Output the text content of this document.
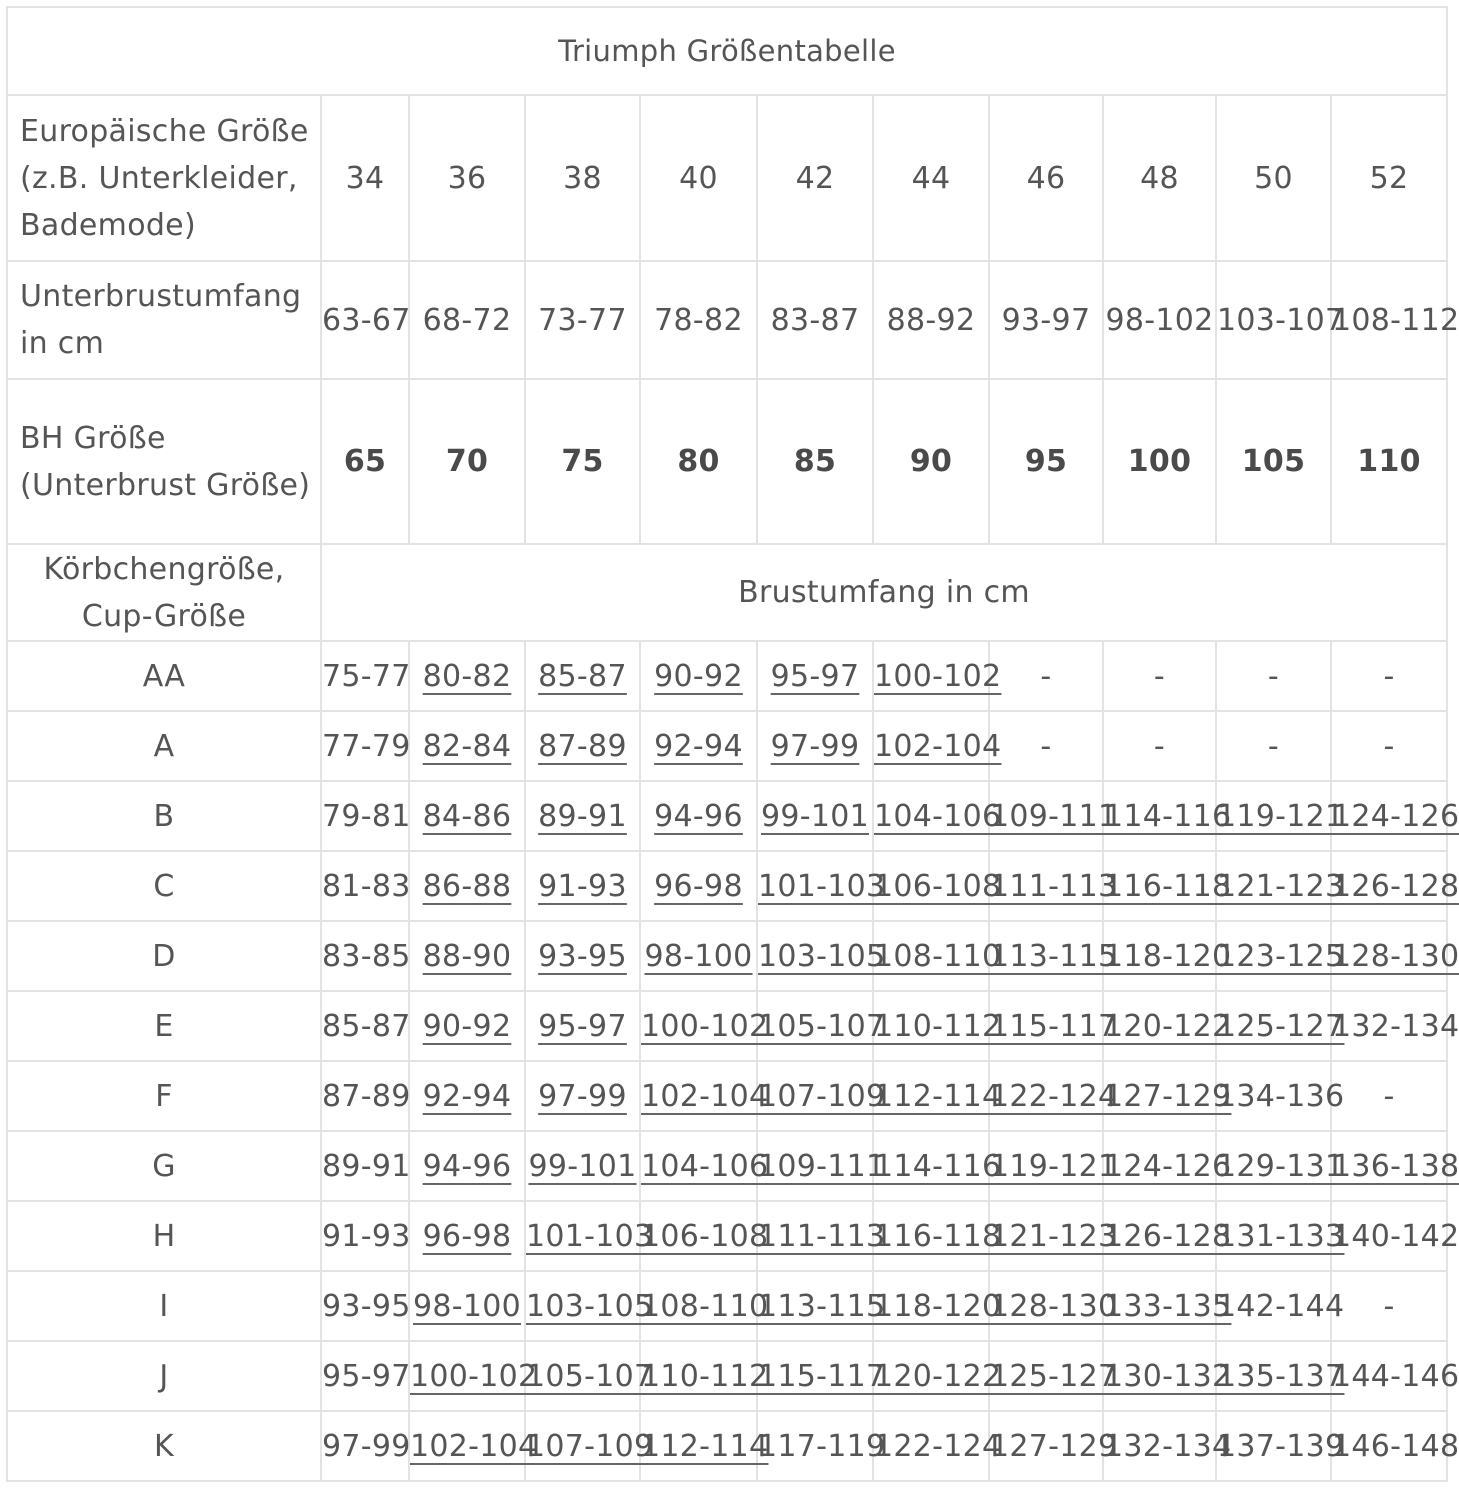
Triumph Größentabelle										
Europäische Größe (z.B. Unterkleider, Bademode)	34	36	38	40	42	44	46	48	50	52
Unterbrustumfang in cm	63-67	68-72	73-77	78-82	83-87	88-92	93-97	98-102	103-107	108-112
BH Größe (Unterbrust Größe)	65	70	75	80	85	90	95	100	105	110
Körbchengröße, Cup-Größe	Brustumfang in cm									
AA	75-77	80-82	85-87	90-92	95-97	100-102	-	-	-	-
A	77-79	82-84	87-89	92-94	97-99	102-104	-	-	-	-
B	79-81	84-86	89-91	94-96	99-101	104-106	109-111	114-116	119-121	124-126
C	81-83	86-88	91-93	96-98	101-103	106-108	111-113	116-118	121-123	126-128
D	83-85	88-90	93-95	98-100	103-105	108-110	113-115	118-120	123-125	128-130
E	85-87	90-92	95-97	100-102	105-107	110-112	115-117	120-122	125-127	132-134
F	87-89	92-94	97-99	102-104	107-109	112-114	122-124	127-129	134-136	-
G	89-91	94-96	99-101	104-106	109-111	114-116	119-121	124-126	129-131	136-138
H	91-93	96-98	101-103	106-108	111-113	116-118	121-123	126-128	131-133	140-142
I	93-95	98-100	103-105	108-110	113-115	118-120	128-130	133-135	142-144	-
J	95-97	100-102	105-107	110-112	115-117	120-122	125-127	130-132	135-137	144-146
K	97-99	102-104	107-109	112-114	117-119	122-124	127-129	132-134	137-139	146-148
